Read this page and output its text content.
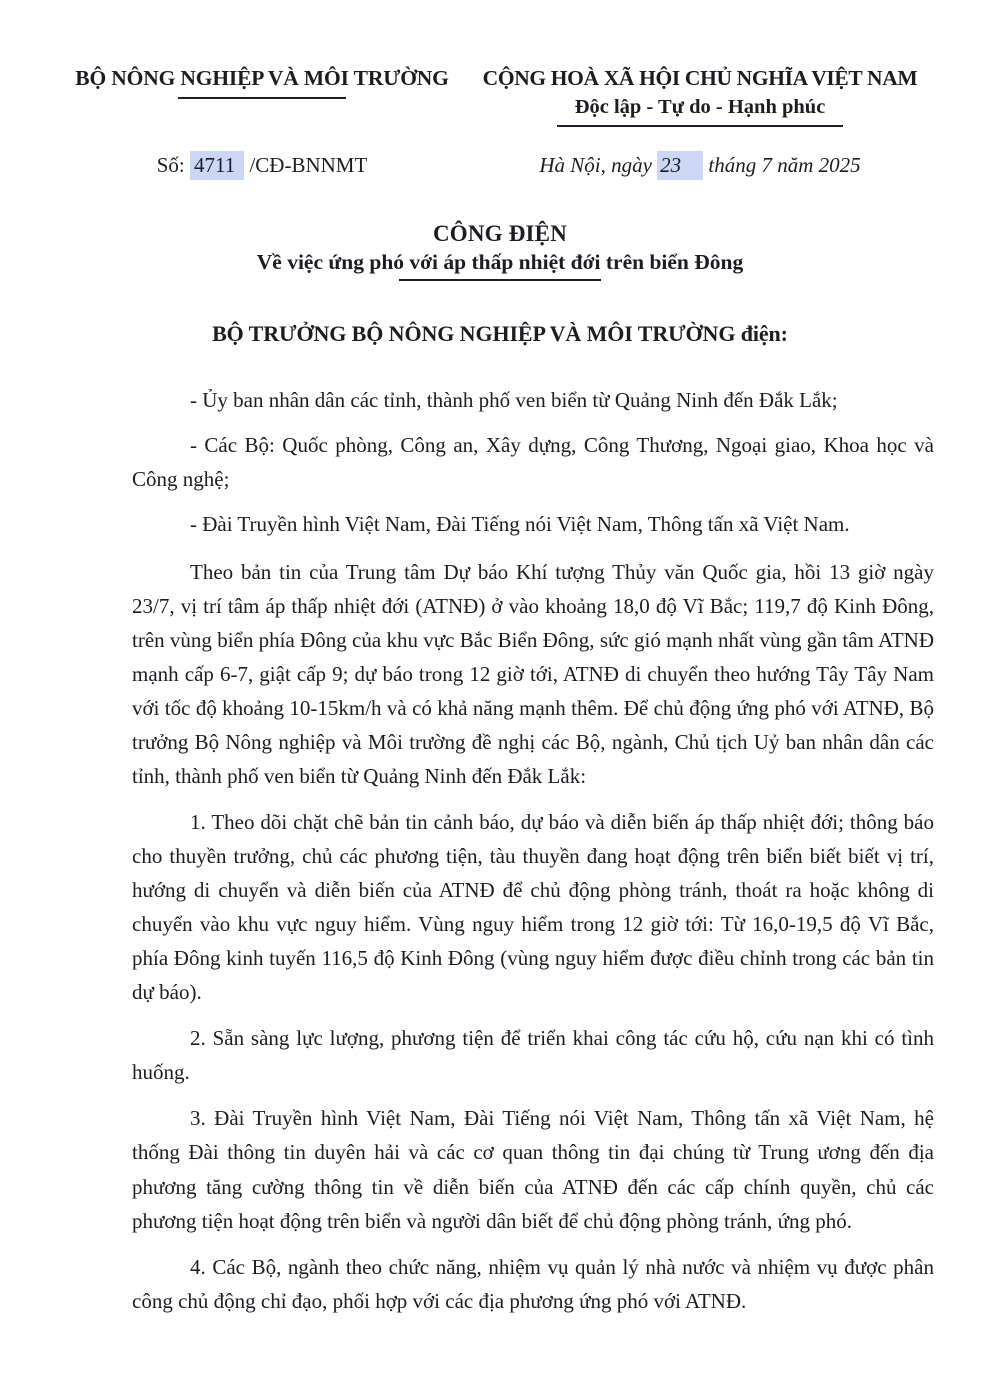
BỘ NÔNG NGHIỆP VÀ MÔI TRƯỜNG	CỘNG HOÀ XÃ HỘI CHỦ NGHĨA VIỆT NAM
Độc lập - Tự do - Hạnh phúc
Số: 4711 /CĐ-BNNMT	Hà Nội, ngày 23 tháng 7 năm 2025
CÔNG ĐIỆN
Về việc ứng phó với áp thấp nhiệt đới trên biển Đông
BỘ TRƯỞNG BỘ NÔNG NGHIỆP VÀ MÔI TRƯỜNG điện:

- Ủy ban nhân dân các tỉnh, thành phố ven biển từ Quảng Ninh đến Đắk Lắk;

- Các Bộ: Quốc phòng, Công an, Xây dựng, Công Thương, Ngoại giao, Khoa học và Công nghệ;

- Đài Truyền hình Việt Nam, Đài Tiếng nói Việt Nam, Thông tấn xã Việt Nam.

Theo bản tin của Trung tâm Dự báo Khí tượng Thủy văn Quốc gia, hồi 13 giờ ngày 23/7, vị trí tâm áp thấp nhiệt đới (ATNĐ) ở vào khoảng 18,0 độ Vĩ Bắc; 119,7 độ Kinh Đông, trên vùng biển phía Đông của khu vực Bắc Biển Đông, sức gió mạnh nhất vùng gần tâm ATNĐ mạnh cấp 6-7, giật cấp 9; dự báo trong 12 giờ tới, ATNĐ di chuyển theo hướng Tây Tây Nam với tốc độ khoảng 10-15km/h và có khả năng mạnh thêm. Để chủ động ứng phó với ATNĐ, Bộ trưởng Bộ Nông nghiệp và Môi trường đề nghị các Bộ, ngành, Chủ tịch Uỷ ban nhân dân các tỉnh, thành phố ven biển từ Quảng Ninh đến Đắk Lắk:

1. Theo dõi chặt chẽ bản tin cảnh báo, dự báo và diễn biến áp thấp nhiệt đới; thông báo cho thuyền trưởng, chủ các phương tiện, tàu thuyền đang hoạt động trên biển biết biết vị trí, hướng di chuyển và diễn biến của ATNĐ để chủ động phòng tránh, thoát ra hoặc không di chuyển vào khu vực nguy hiểm. Vùng nguy hiểm trong 12 giờ tới: Từ 16,0-19,5 độ Vĩ Bắc, phía Đông kinh tuyến 116,5 độ Kinh Đông (vùng nguy hiểm được điều chỉnh trong các bản tin dự báo).

2. Sẵn sàng lực lượng, phương tiện để triển khai công tác cứu hộ, cứu nạn khi có tình huống.

3. Đài Truyền hình Việt Nam, Đài Tiếng nói Việt Nam, Thông tấn xã Việt Nam, hệ thống Đài thông tin duyên hải và các cơ quan thông tin đại chúng từ Trung ương đến địa phương tăng cường thông tin về diễn biến của ATNĐ đến các cấp chính quyền, chủ các phương tiện hoạt động trên biển và người dân biết để chủ động phòng tránh, ứng phó.

4. Các Bộ, ngành theo chức năng, nhiệm vụ quản lý nhà nước và nhiệm vụ được phân công chủ động chỉ đạo, phối hợp với các địa phương ứng phó với ATNĐ.
